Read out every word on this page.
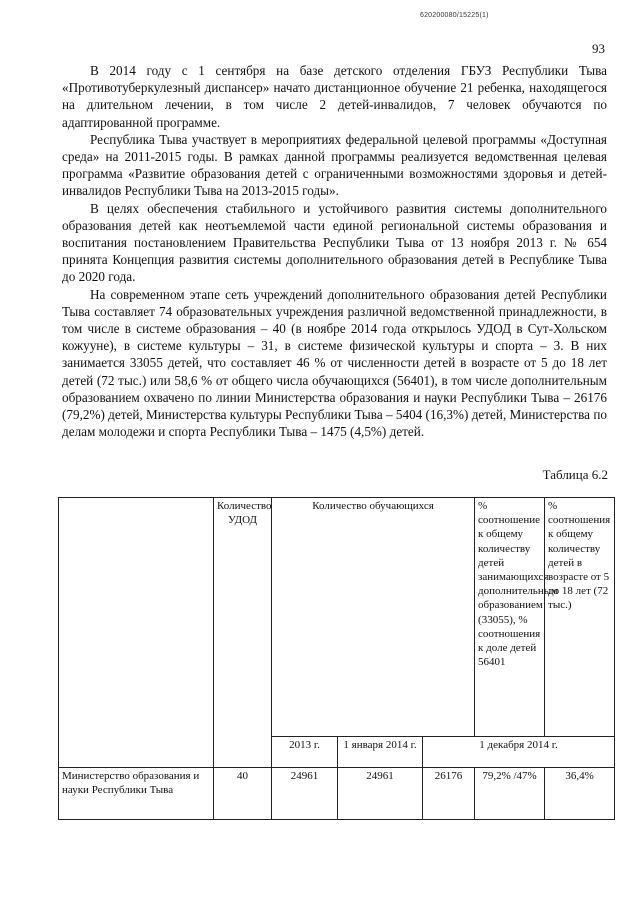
620200080/15225(1)
93

В 2014 году с 1 сентября на базе детского отделения ГБУЗ Республики Тыва «Противотуберкулезный диспансер» начато дистанционное обучение 21 ребенка, находящегося на длительном лечении, в том числе 2 детей-инвалидов, 7 человек обучаются по адаптированной программе.

Республика Тыва участвует в мероприятиях федеральной целевой программы «Доступная среда» на 2011-2015 годы. В рамках данной программы реализуется ведомственная целевая программа «Развитие образования детей с ограниченными возможностями здоровья и детей-инвалидов Республики Тыва на 2013-2015 годы».

В целях обеспечения стабильного и устойчивого развития системы дополнительного образования детей как неотъемлемой части единой региональной системы образования и воспитания постановлением Правительства Республики Тыва от 13 ноября 2013 г. № 654 принята Концепция развития системы дополнительного образования детей в Республике Тыва до 2020 года.

На современном этапе сеть учреждений дополнительного образования детей Республики Тыва составляет 74 образовательных учреждения различной ведомственной принадлежности, в том числе в системе образования – 40 (в ноябре 2014 года открылось УДОД в Сут-Хольском кожууне), в системе культуры – 31, в системе физической культуры и спорта – 3. В них занимается 33055 детей, что составляет 46 % от численности детей в возрасте от 5 до 18 лет детей (72 тыс.) или 58,6 % от общего числа обучающихся (56401), в том числе дополнительным образованием охвачено по линии Министерства образования и науки Республики Тыва – 26176 (79,2%) детей, Министерства культуры Республики Тыва – 5404 (16,3%) детей, Министерства по делам молодежи и спорта Республики Тыва – 1475 (4,5%) детей.

Таблица 6.2
	Количество УДОД	Количество обучающихся			% соотношение к общему количеству детей занимающихся дополнительным образованием (33055), % соотношения к доле детей 56401	% соотношения к общему количеству детей в возрасте от 5 до 18 лет (72 тыс.)
		2013 г.	1 января 2014 г.	1 декабря 2014 г.		
Министерство образования и науки Республики Тыва	40	24961	24961	26176	79,2% /47%	36,4%
